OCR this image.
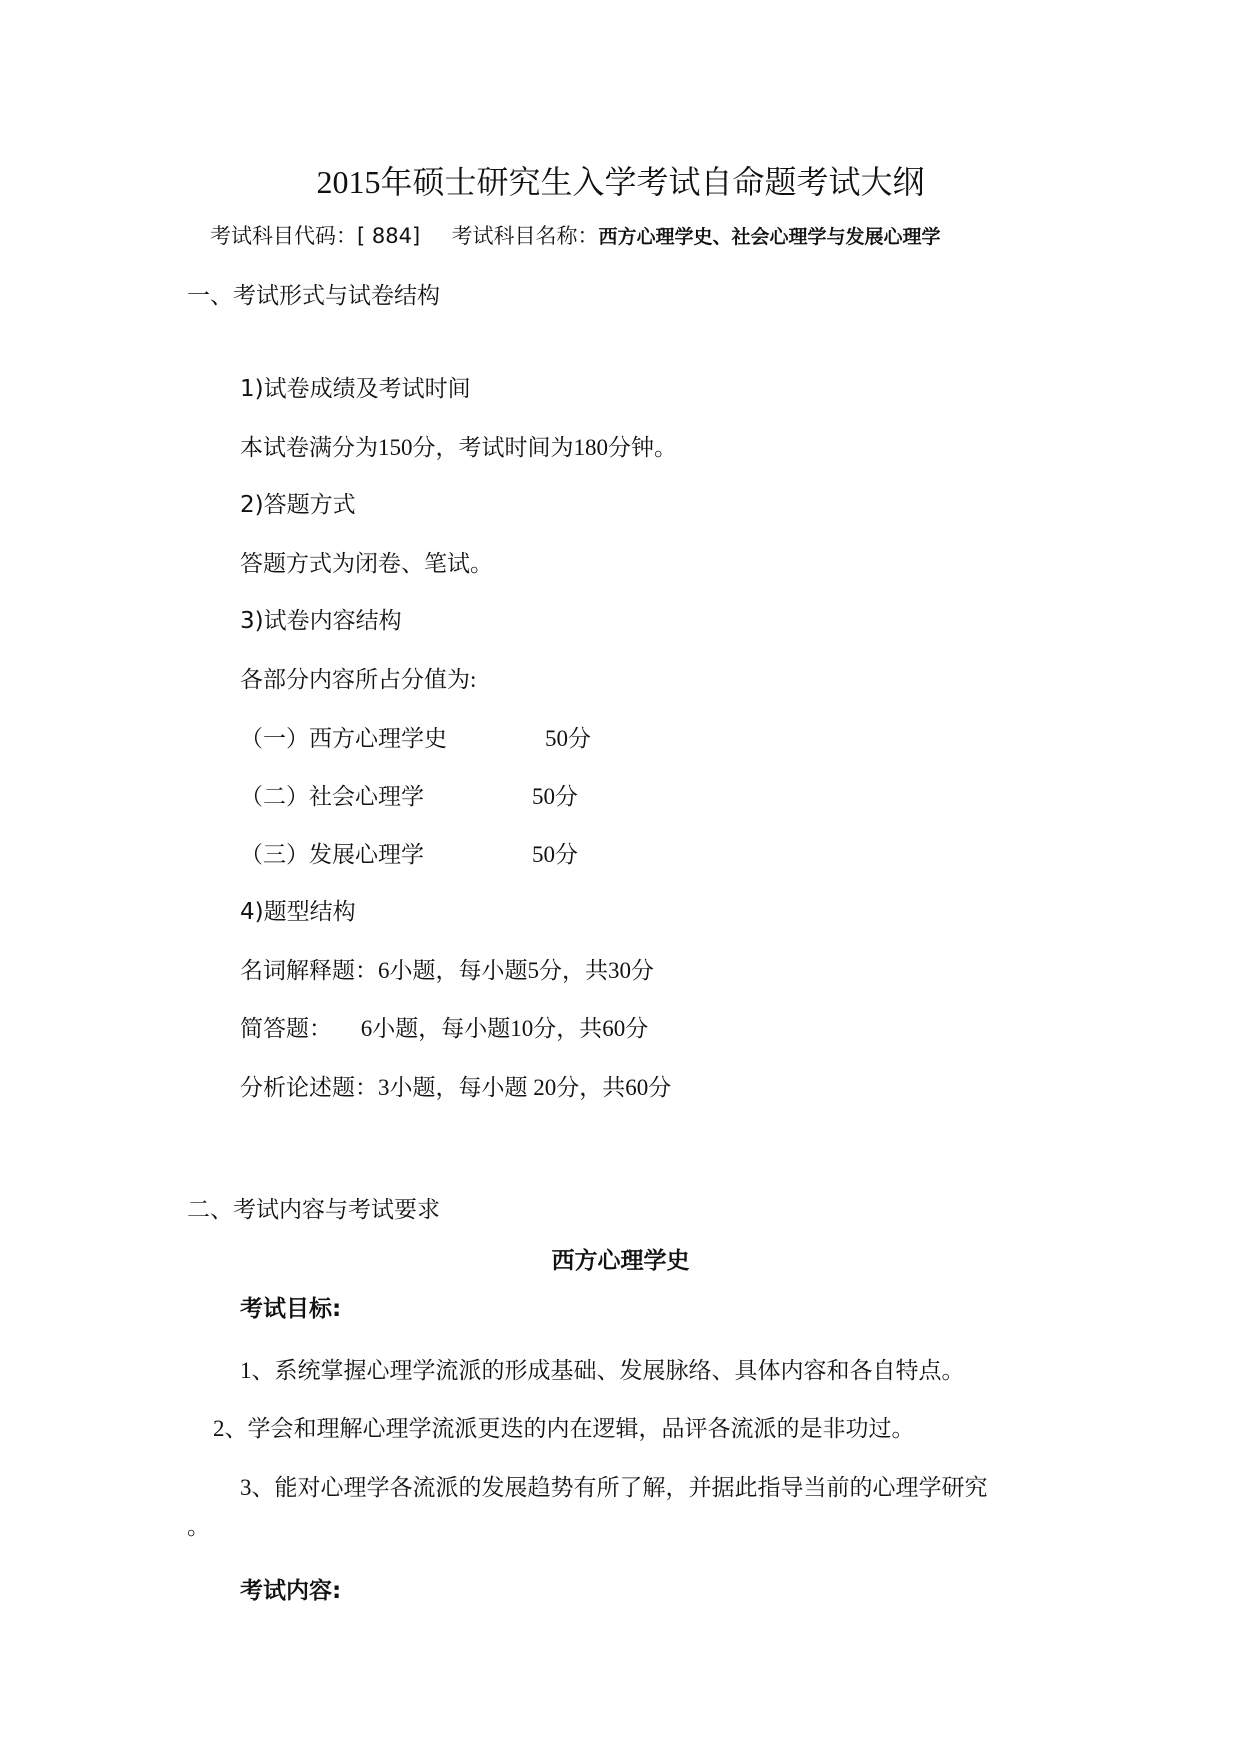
2015年硕士研究生入学考试自命题考试大纲
考试科目代码：[ 884] 考试科目名称：西方心理学史、社会心理学与发展心理学
一、考试形式与试卷结构
1)试卷成绩及考试时间
本试卷满分为150分，考试时间为180分钟。
2)答题方式
答题方式为闭卷、笔试。
3)试卷内容结构
各部分内容所占分值为:
（一）西方心理学史	50分
（二）社会心理学	50分
（三）发展心理学	50分
4)题型结构
名词解释题：6小题，每小题5分，共30分
简答题：     6小题，每小题10分，共60分
分析论述题：3小题，每小题 20分，共60分
二、考试内容与考试要求
西方心理学史
考试目标:
1、系统掌握心理学流派的形成基础、发展脉络、具体内容和各自特点。
2、学会和理解心理学流派更迭的内在逻辑，品评各流派的是非功过。
3、能对心理学各流派的发展趋势有所了解，并据此指导当前的心理学研究
。
考试内容:
